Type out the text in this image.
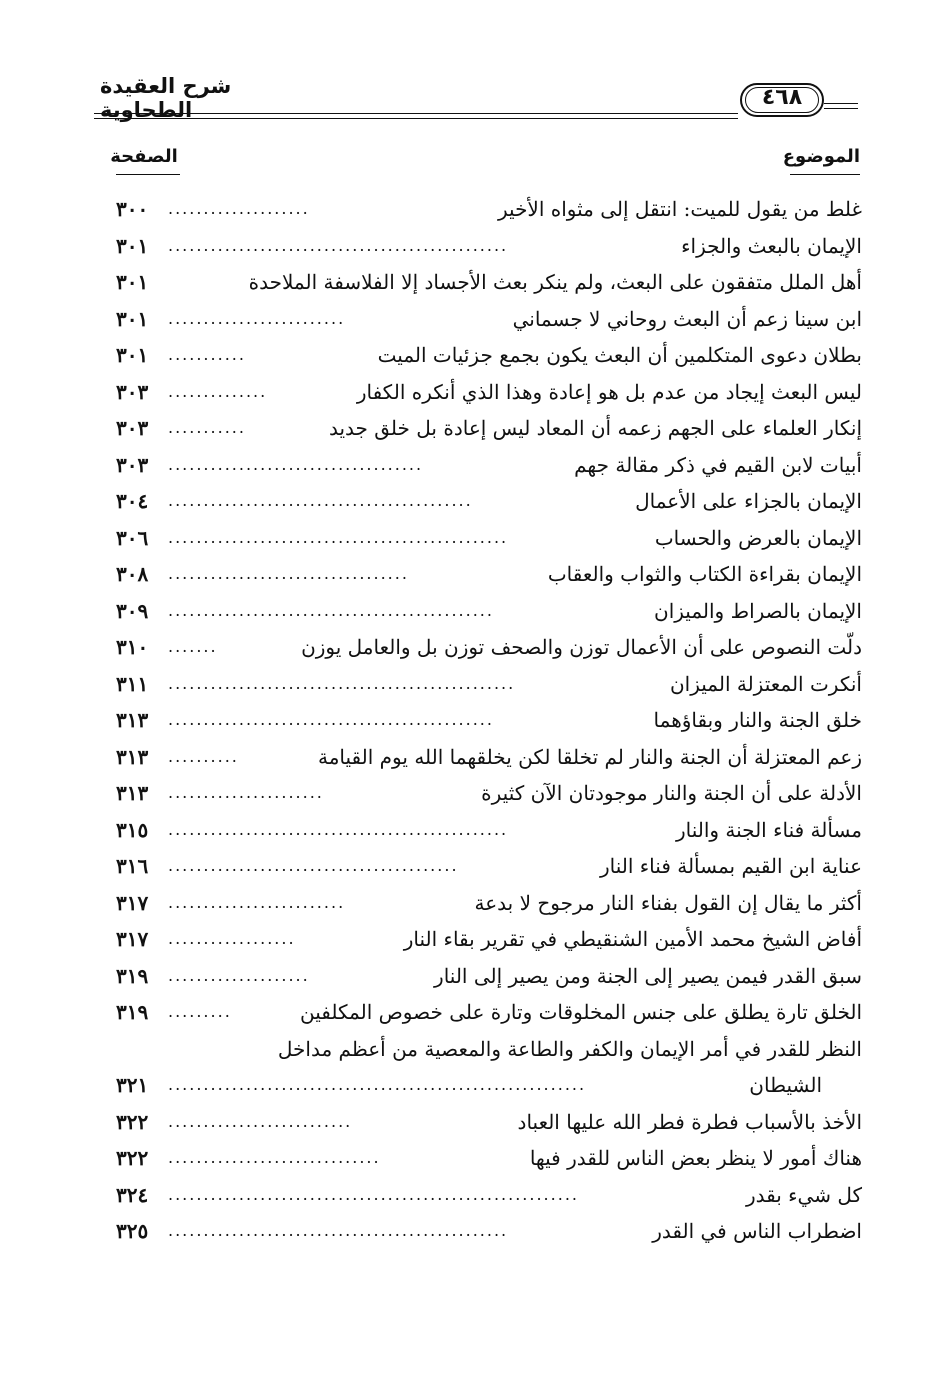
شرح العقيدة الطحاوية	٤٦٨
الموضوع
الصفحة
غلط من يقول للميت: انتقل إلى مثواه الأخير
....................
٣٠٠
الإيمان بالبعث والجزاء
................................................
٣٠١
أهل الملل متفقون على البعث، ولم ينكر بعث الأجساد إلا الفلاسفة الملاحدة
٣٠١
ابن سينا زعم أن البعث روحاني لا جسماني
.........................
٣٠١
بطلان دعوى المتكلمين أن البعث يكون بجمع جزئيات الميت
...........
٣٠١
ليس البعث إيجاد من عدم بل هو إعادة وهذا الذي أنكره الكفار
..............
٣٠٣
إنكار العلماء على الجهم زعمه أن المعاد ليس إعادة بل خلق جديد
...........
٣٠٣
أبيات لابن القيم في ذكر مقالة جهم
....................................
٣٠٣
الإيمان بالجزاء على الأعمال
...........................................
٣٠٤
الإيمان بالعرض والحساب
................................................
٣٠٦
الإيمان بقراءة الكتاب والثواب والعقاب
..................................
٣٠٨
الإيمان بالصراط والميزان
..............................................
٣٠٩
دلّت النصوص على أن الأعمال توزن والصحف توزن بل والعامل يوزن
.......
٣١٠
أنكرت المعتزلة الميزان
.................................................
٣١١
خلق الجنة والنار وبقاؤهما
..............................................
٣١٣
زعم المعتزلة أن الجنة والنار لم تخلقا لكن يخلقهما الله يوم القيامة
..........
٣١٣
الأدلة على أن الجنة والنار موجودتان الآن كثيرة
......................
٣١٣
مسألة فناء الجنة والنار
................................................
٣١٥
عناية ابن القيم بمسألة فناء النار
.........................................
٣١٦
أكثر ما يقال إن القول بفناء النار مرجوح لا بدعة
.........................
٣١٧
أفاض الشيخ محمد الأمين الشنقيطي في تقرير بقاء النار
..................
٣١٧
سبق القدر فيمن يصير إلى الجنة ومن يصير إلى النار
....................
٣١٩
الخلق تارة يطلق على جنس المخلوقات وتارة على خصوص المكلفين
.........
٣١٩
النظر للقدر في أمر الإيمان والكفر والطاعة والمعصية من أعظم مداخل
الشيطان
...........................................................
٣٢١
الأخذ بالأسباب فطرة فطر الله عليها العباد
..........................
٣٢٢
هناك أمور لا ينظر بعض الناس للقدر فيها
..............................
٣٢٢
كل شيء بقدر
..........................................................
٣٢٤
اضطراب الناس في القدر
................................................
٣٢٥
